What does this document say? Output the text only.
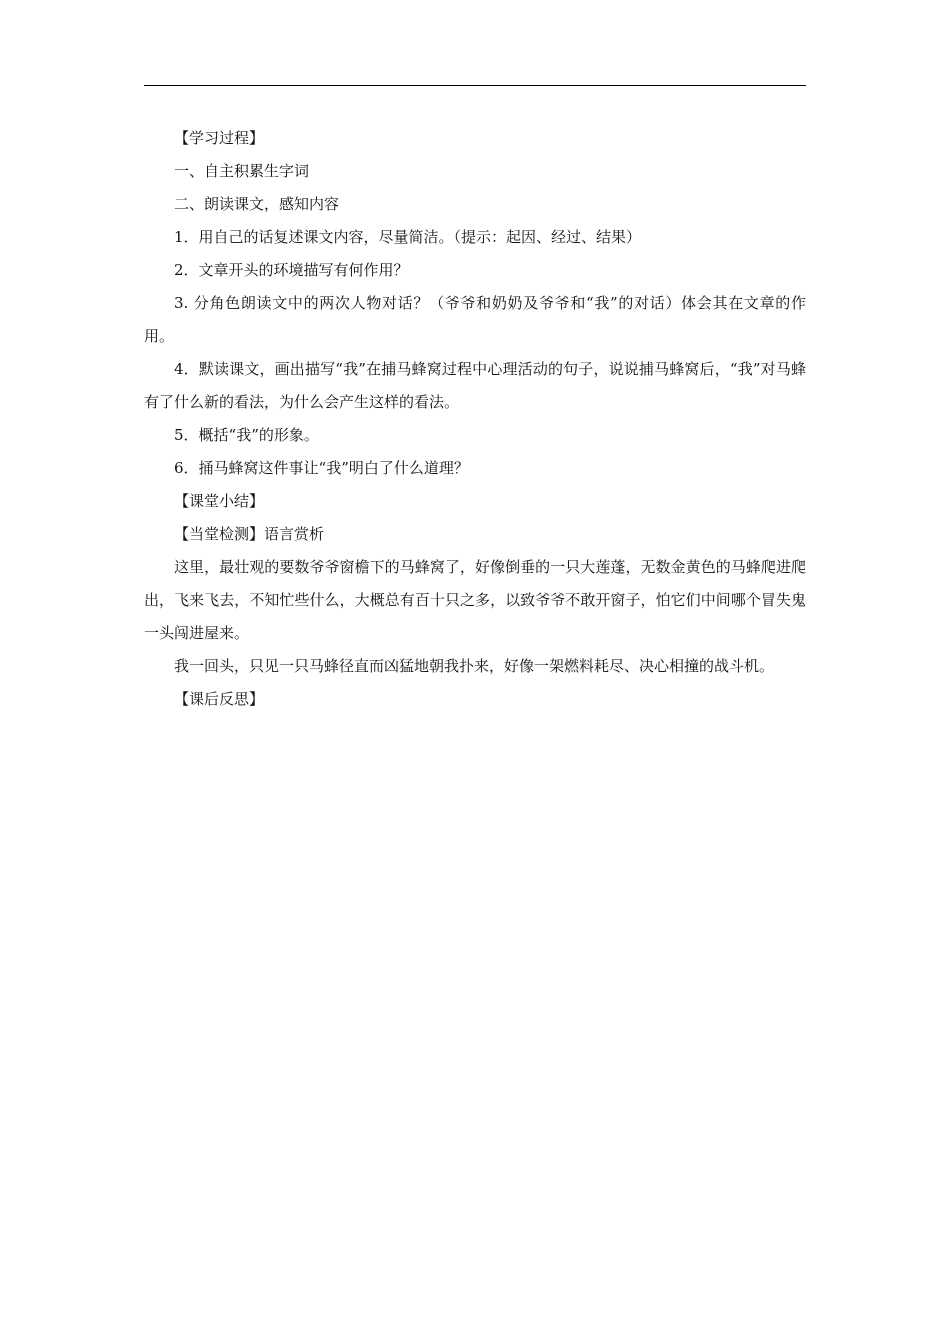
【学习过程】

一、自主积累生字词

二、朗读课文，感知内容

1．用自己的话复述课文内容，尽量简洁。（提示：起因、经过、结果）

2．文章开头的环境描写有何作用？

3. 分角色朗读文中的两次人物对话？（爷爷和奶奶及爷爷和“我”的对话）体会其在文章的作用。

4．默读课文，画出描写“我”在捕马蜂窝过程中心理活动的句子，说说捕马蜂窝后，“我”对马蜂有了什么新的看法，为什么会产生这样的看法。

5．概括“我”的形象。

6．捅马蜂窝这件事让“我”明白了什么道理？

【课堂小结】

【当堂检测】语言赏析

这里，最壮观的要数爷爷窗檐下的马蜂窝了，好像倒垂的一只大莲蓬，无数金黄色的马蜂爬进爬出，飞来飞去，不知忙些什么，大概总有百十只之多，以致爷爷不敢开窗子，怕它们中间哪个冒失鬼一头闯进屋来。

我一回头，只见一只马蜂径直而凶猛地朝我扑来，好像一架燃料耗尽、决心相撞的战斗机。

【课后反思】
